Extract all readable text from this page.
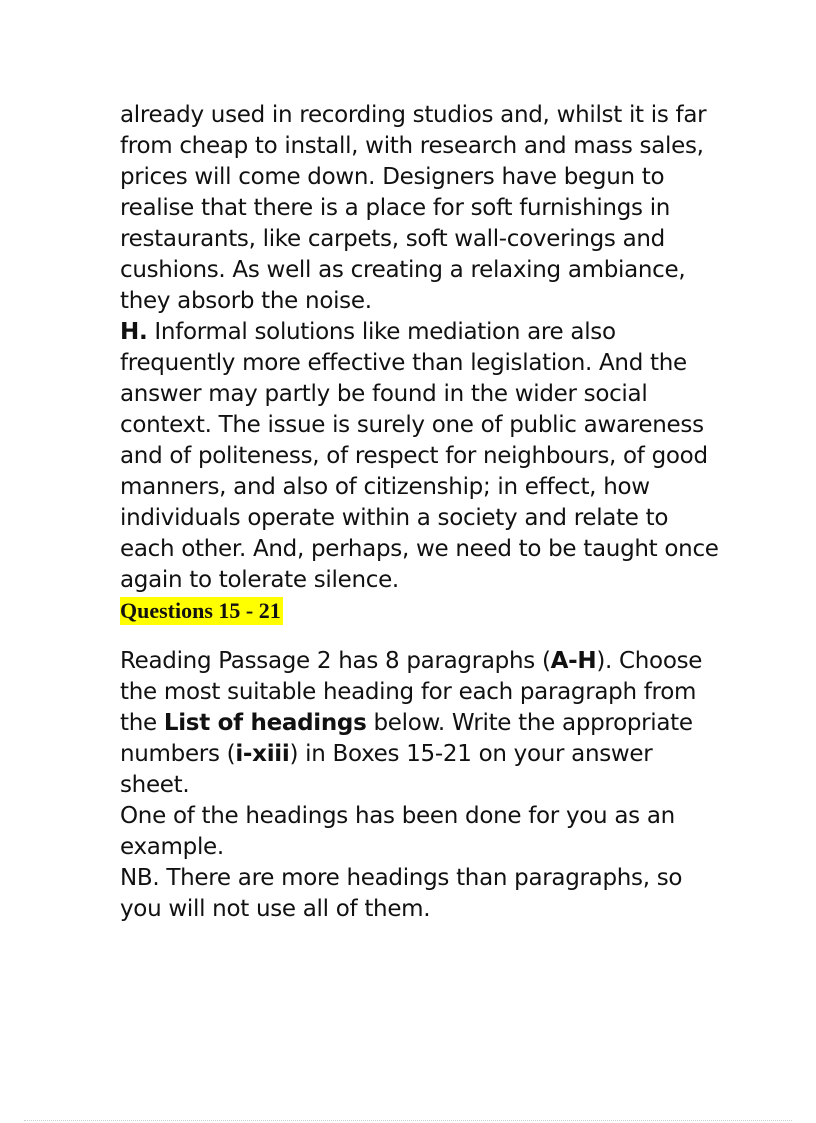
already used in recording studios and, whilst it is far from cheap to install, with research and mass sales, prices will come down. Designers have begun to realise that there is a place for soft furnishings in restaurants, like carpets, soft wall-coverings and cushions. As well as creating a relaxing ambiance, they absorb the noise.

H. Informal solutions like mediation are also frequently more effective than legislation. And the answer may partly be found in the wider social context. The issue is surely one of public awareness and of politeness, of respect for neighbours, of good manners, and also of citizenship; in effect, how individuals operate within a society and relate to each other. And, perhaps, we need to be taught once again to tolerate silence.

Questions 15 - 21

Reading Passage 2 has 8 paragraphs (A-H). Choose the most suitable heading for each paragraph from the List of headings below. Write the appropriate numbers (i-xiii) in Boxes 15-21 on your answer sheet.

One of the headings has been done for you as an example.

NB. There are more headings than paragraphs, so you will not use all of them.
